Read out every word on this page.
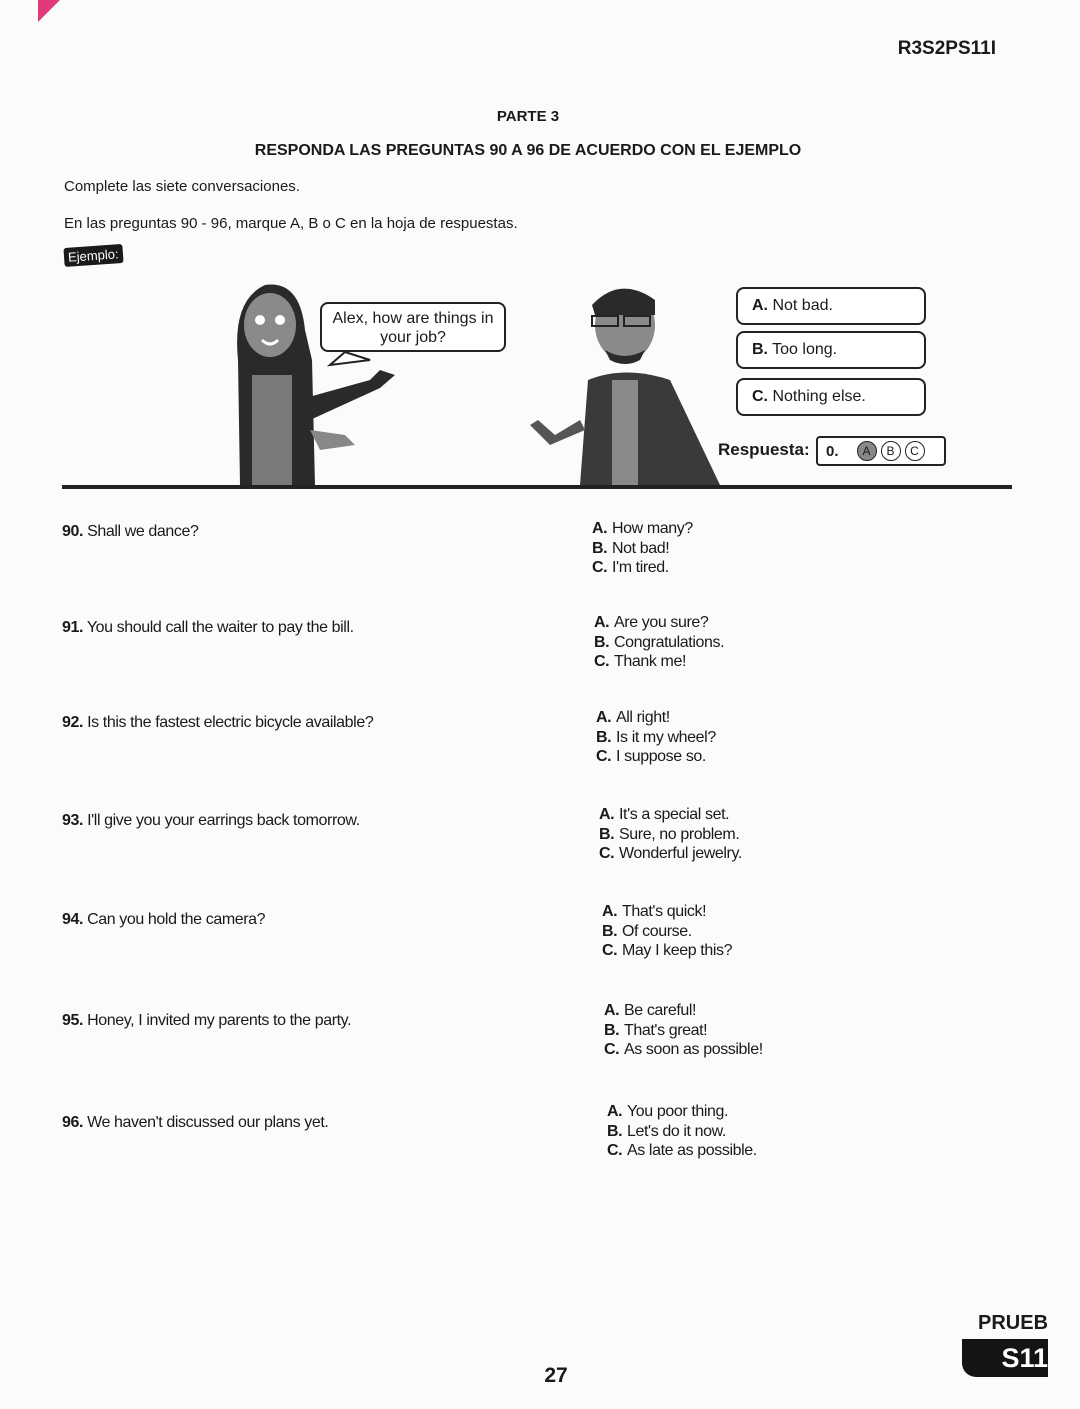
R3S2PS11I
PARTE 3
RESPONDA LAS PREGUNTAS 90 A 96 DE ACUERDO CON EL EJEMPLO
Complete las siete conversaciones.
En las preguntas 90 - 96, marque A, B o C en la hoja de respuestas.
Ejemplo:
Alex, how are things in your job?
A. Not bad.
B. Too long.
C. Nothing else.
Respuesta: 0.	A	B	C
90. Shall we dance?	A. How many?
B. Not bad!
C. I'm tired.
91. You should call the waiter to pay the bill.	A. Are you sure?
B. Congratulations.
C. Thank me!
92. Is this the fastest electric bicycle available?	A. All right!
B. Is it my wheel?
C. I suppose so.
93. I'll give you your earrings back tomorrow.	A. It's a special set.
B. Sure, no problem.
C. Wonderful jewelry.
94. Can you hold the camera?	A. That's quick!
B. Of course.
C. May I keep this?
95. Honey, I invited my parents to the party.
A. Be careful!
B. That's great!
C. As soon as possible!
96. We haven't discussed our plans yet.
A. You poor thing.
B. Let's do it now.
C. As late as possible.
27
PRUEB
S11
